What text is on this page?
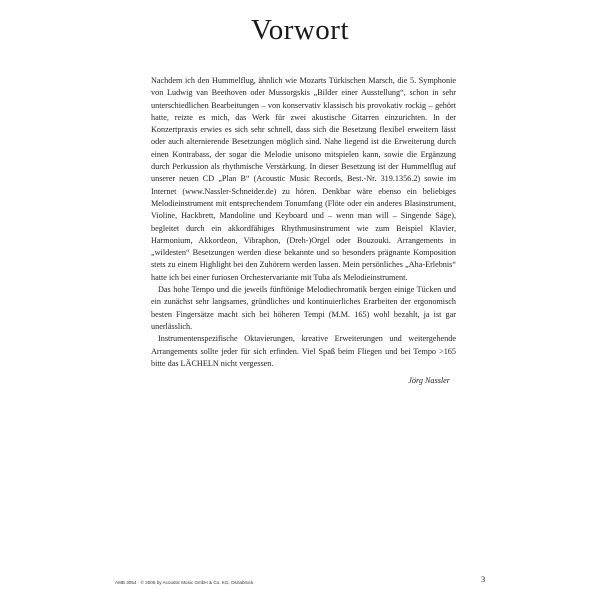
Vorwort

Nachdem ich den Hummelflug, ähnlich wie Mozarts Türkischen Marsch, die 5. Symphonie von Ludwig van Beethoven oder Mussorgskis „Bilder einer Ausstellung“, schon in sehr unterschiedlichen Bearbeitungen – von konservativ klassisch bis provokativ rockig – gehört hatte, reizte es mich, das Werk für zwei akustische Gitarren einzurichten. In der Konzertpraxis erwies es sich sehr schnell, dass sich die Besetzung flexibel erweitern lässt oder auch alternierende Besetzungen möglich sind. Nahe liegend ist die Erweiterung durch einen Kontrabass, der sogar die Melodie unisono mitspielen kann, sowie die Ergänzung durch Perkussion als rhythmische Verstärkung. In dieser Besetzung ist der Hummelflug auf unserer neuen CD „Plan B“ (Acoustic Music Records, Best.-Nr. 319.1356.2) sowie im Internet (www.Nassler-Schneider.de) zu hören. Denkbar wäre ebenso ein beliebiges Melodieinstrument mit entsprechendem Tonumfang (Flöte oder ein anderes Blasinstrument, Violine, Hackbrett, Mandoline und Keyboard und – wenn man will – Singende Säge), begleitet durch ein akkordfähiges Rhythmusinstrument wie zum Beispiel Klavier, Harmonium, Akkordeon, Vibraphon, (Dreh-)Orgel oder Bouzouki. Arrangements in „wildesten“ Besetzungen werden diese bekannte und so besonders prägnante Komposition stets zu einem Highlight bei den Zuhörern werden lassen. Mein persönliches „Aha-Erlebnis“ hatte ich bei einer furiosen Orchestervariante mit Tuba als Melodieinstrument.

Das hohe Tempo und die jeweils fünftönige Melodiechromatik bergen einige Tücken und ein zunächst sehr langsames, gründliches und kontinuierliches Erarbeiten der ergonomisch besten Fingersätze macht sich bei höheren Tempi (M.M. 165) wohl bezahlt, ja ist gar unerlässlich.

Instrumentenspezifische Oktavierungen, kreative Erweiterungen und weitergehende Arrangements sollte jeder für sich erfinden. Viel Spaß beim Fliegen und bei Tempo >165 bitte das LÄCHELN nicht vergessen.

Jörg Nassler
AMB 3054 · © 2005 by Acoustic Music GmbH & Co. KG, Osnabrück	3
